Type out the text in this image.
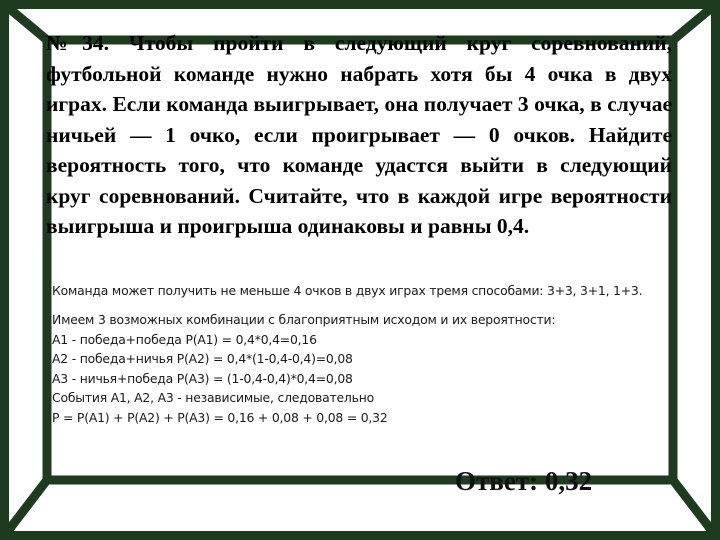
№34. Чтобы пройти в следующий круг соревнований, футбольной команде нужно набрать хотя бы 4 очка в двух играх. Если команда выигрывает, она получает 3 очка, в случае ничьей — 1 очко, если проигрывает — 0 очков. Найдите вероятность того, что команде удастся выйти в следующий круг соревнований. Считайте, что в каждой игре вероятности выигрыша и проигрыша одинаковы и равны 0,4.

Команда может получить не меньше 4 очков в двух играх тремя способами: 3+3, 3+1, 1+3.

Имеем 3 возможных комбинации с благоприятным исходом и их вероятности:
A1 - победа+победа P(A1) = 0,4*0,4=0,16
A2 - победа+ничья P(A2) = 0,4*(1-0,4-0,4)=0,08
A3 - ничья+победа P(A3) = (1-0,4-0,4)*0,4=0,08
События A1, A2, A3 - независимые, следовательно
P = P(A1) + P(A2) + P(A3) = 0,16 + 0,08 + 0,08 = 0,32
Ответ: 0,32
